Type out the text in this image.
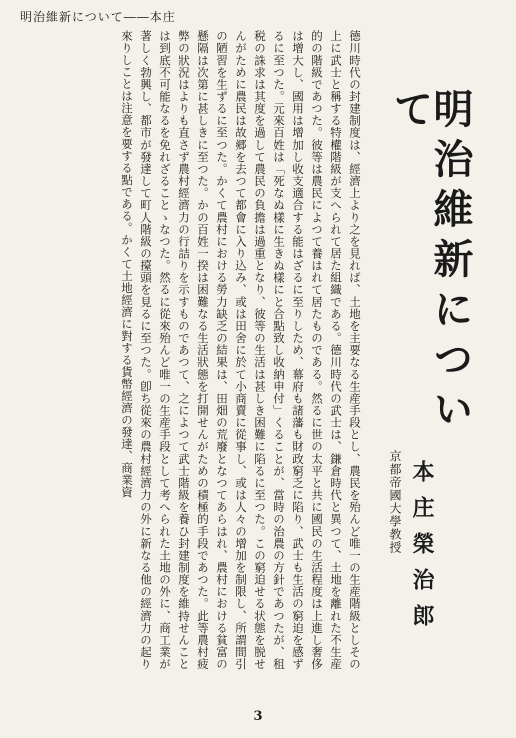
明治維新について――本庄
德川時代の封建制度は、經濟上より之を見れば、土地を主要なる生産手段とし、農民を殆んど唯一の生産階級としその上に武士と稱する特權階級が支へられて居た組織である。德川時代の武士は、鎌倉時代と異つて、土地を離れた不生産的の階級であつた。彼等は農民によつて養はれて居たものである。然るに世の太平と共に國民の生活程度は上進し奢侈は增大し、國用は增加し收支適合する能はざるに至りしため、幕府も諸藩も財政窮乏に陷り、武士も生活の窮迫を感ずるに至つた。元來百姓は「死なぬ樣に生きぬ樣にと合點致し收納申付」くることが、當時の治農の方針であつたが、租税の誅求は其度を過して農民の負擔は過重となり、彼等の生活は甚しき困難に陷るに至つた。この窮迫せる状態を脱せんがために農民は故郷を去つて都會に入り込み、或は田舍に於て小商賣に從事し、或は人々の增加を制限し、所謂間引の陋習を生ずるに至つた。かくて農村における勞力缺乏の結果は、田畑の荒廢となつてあらはれ、農村における貧富の懸隔は次第に甚しきに至つた。かの百姓一揆は困難なる生活狀態を打開せんがための積極的手段であつた。此等農村疲弊の狀況はよりも直さず農村經濟力の行詰りを示すものであつて、之によつて武士階級を養ひ封建制度を維持せんことは到底不可能なるを免れざることゝなつた。然るに從來殆んど唯一の生産手段として考へられた土地の外に、商工業が著しく勃興し、都市が發達して町人階級の擡頭を見るに至つた。卽ち從來の農村經濟力の外に新なる他の經濟力の起り來りしことは注意を要する點である。かくて土地經濟に對する貨幣經濟の發達、商業資	明治維新について
京都帝國大學教授 本庄榮治郎
3
